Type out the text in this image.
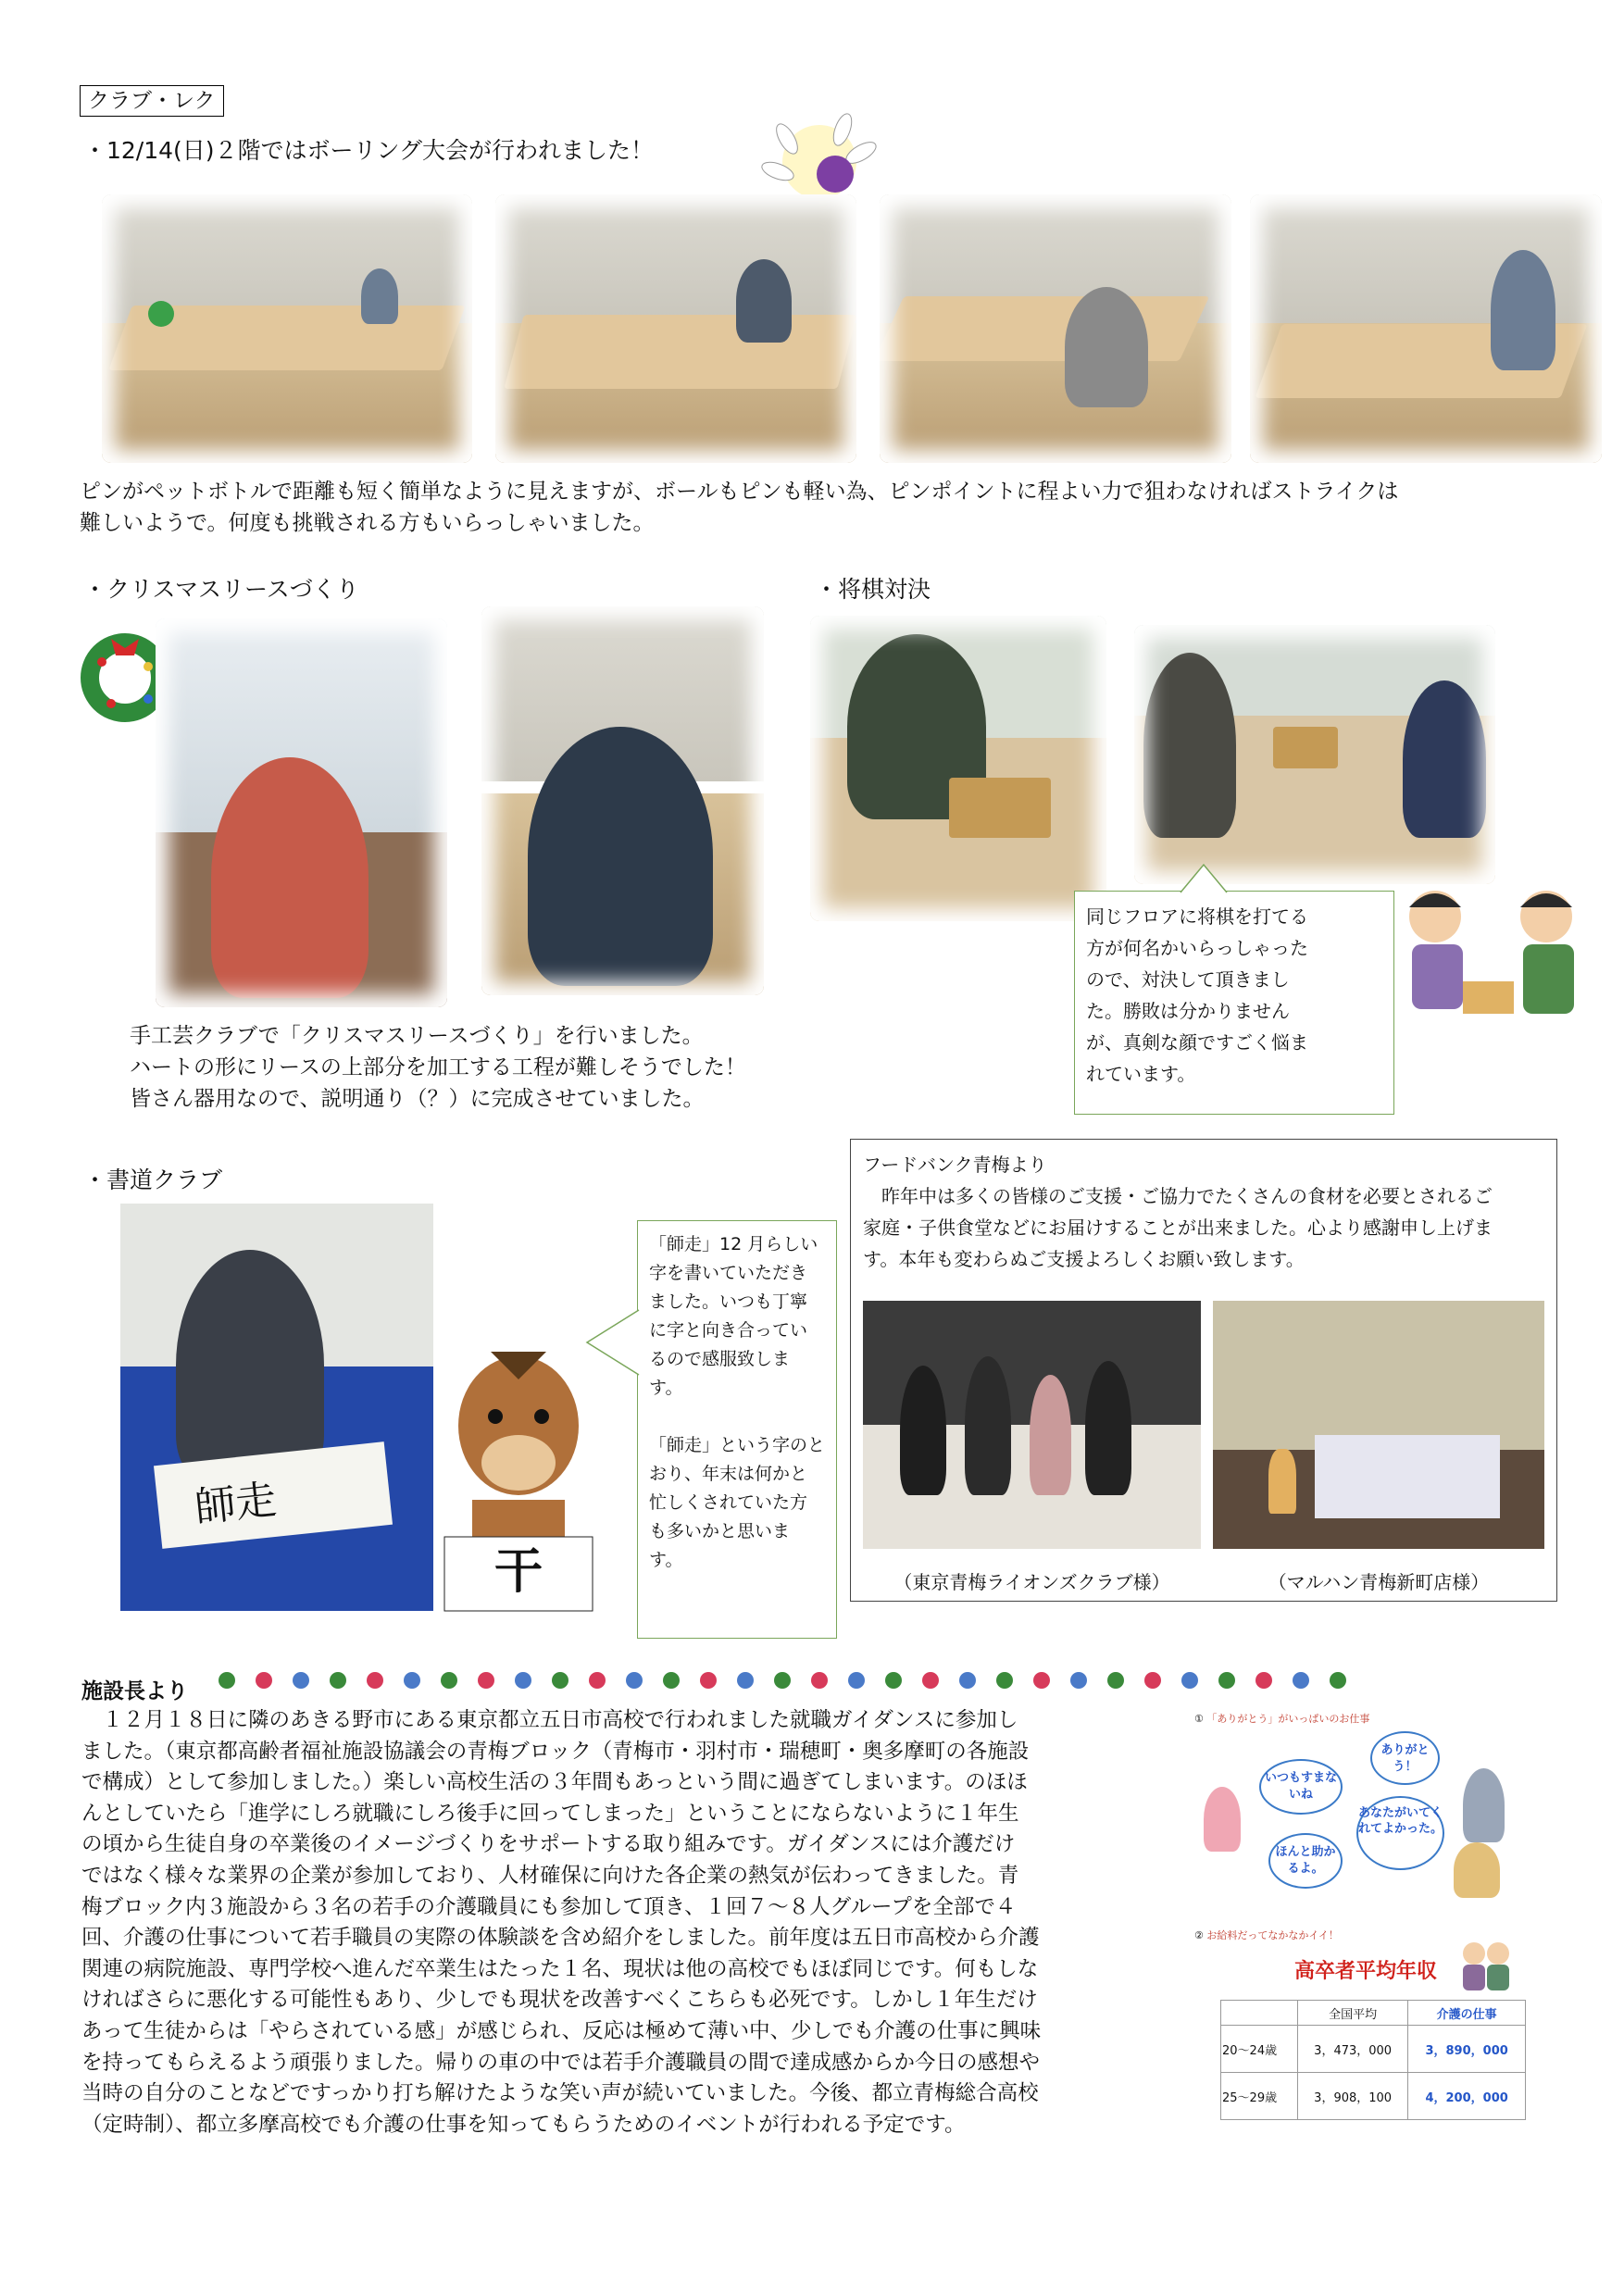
クラブ・レク
・12/14(日)２階ではボーリング大会が行われました！
ピンがペットボトルで距離も短く簡単なように見えますが、ボールもピンも軽い為、ピンポイントに程よい力で狙わなければストライクは
難しいようで。何度も挑戦される方もいらっしゃいました。
・クリスマスリースづくり
手工芸クラブで「クリスマスリースづくり」を行いました。
ハートの形にリースの上部分を加工する工程が難しそうでした！
皆さん器用なので、説明通り（？）に完成させていました。
・将棋対決
同じフロアに将棋を打てる
方が何名かいらっしゃった
ので、対決して頂きまし
た。勝敗は分かりません
が、真剣な顔ですごく悩ま
れています。
・書道クラブ
師走
「師走」12 月らしい
字を書いていただき
ました。いつも丁寧
に字と向き合ってい
るので感服致しま
す。
「師走」という字のと
おり、年末は何かと
忙しくされていた方
も多いかと思いま
す。
干
フードバンク青梅より
　昨年中は多くの皆様のご支援・ご協力でたくさんの食材を必要とされるご
家庭・子供食堂などにお届けすることが出来ました。心より感謝申し上げま
す。本年も変わらぬご支援よろしくお願い致します。
（東京青梅ライオンズクラブ様）	（マルハン青梅新町店様）
施設長より
　１２月１８日に隣のあきる野市にある東京都立五日市高校で行われました就職ガイダンスに参加し
ました。（東京都高齢者福祉施設協議会の青梅ブロック（青梅市・羽村市・瑞穂町・奥多摩町の各施設
で構成）として参加しました。）楽しい高校生活の３年間もあっという間に過ぎてしまいます。のほほ
んとしていたら「進学にしろ就職にしろ後手に回ってしまった」ということにならないように１年生
の頃から生徒自身の卒業後のイメージづくりをサポートする取り組みです。ガイダンスには介護だけ
ではなく様々な業界の企業が参加しており、人材確保に向けた各企業の熱気が伝わってきました。青
梅ブロック内３施設から３名の若手の介護職員にも参加して頂き、１回７～８人グループを全部で４
回、介護の仕事について若手職員の実際の体験談を含め紹介をしました。前年度は五日市高校から介護
関連の病院施設、専門学校へ進んだ卒業生はたった１名、現状は他の高校でもほぼ同じです。何もしな
ければさらに悪化する可能性もあり、少しでも現状を改善すべくこちらも必死です。しかし１年生だけ
あって生徒からは「やらされている感」が感じられ、反応は極めて薄い中、少しでも介護の仕事に興味
を持ってもらえるよう頑張りました。帰りの車の中では若手介護職員の間で達成感からか今日の感想や
当時の自分のことなどですっかり打ち解けたような笑い声が続いていました。今後、都立青梅総合高校
（定時制）、都立多摩高校でも介護の仕事を知ってもらうためのイベントが行われる予定です。
① 「ありがとう」がいっぱいのお仕事
いつもすまないね
ありがとう！
ほんと助かるよ。
あなたがいてくれてよかった。
② お給料だってなかなかイイ！
高卒者平均年収
	全国平均	介護の仕事
20～24歳	3，473，000	3，890，000
25～29歳	3，908，100	4，200，000
